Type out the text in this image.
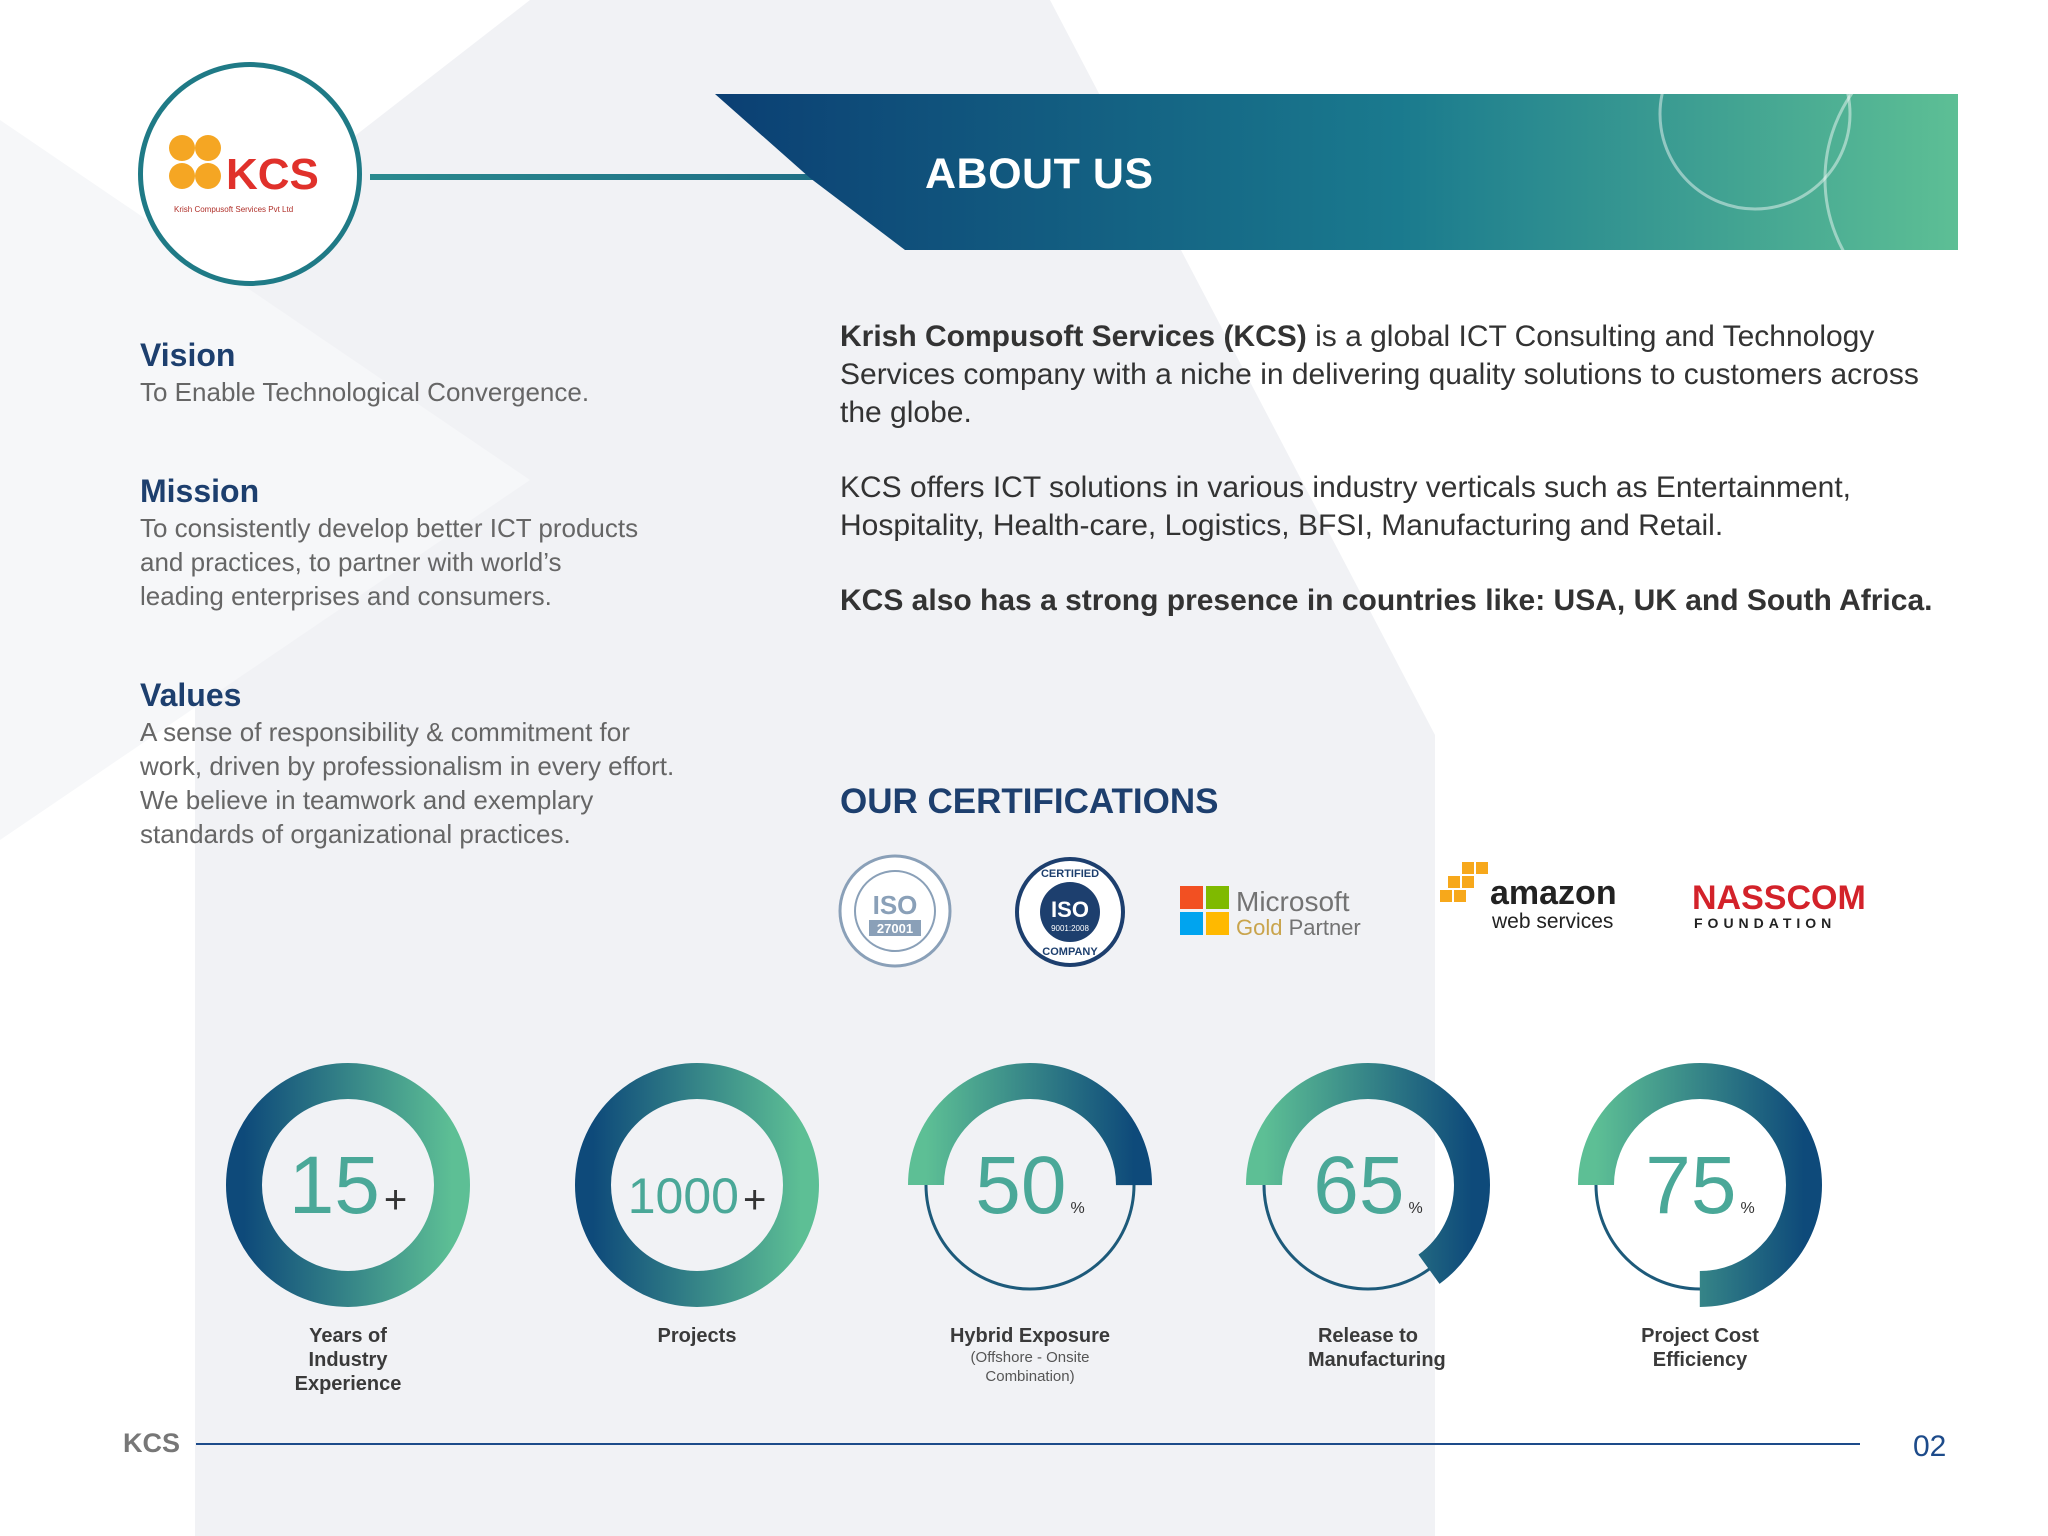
KCS
Krish Compusoft Services Pvt Ltd
ABOUT US
Vision

To Enable Technological Convergence.

Mission

To consistently develop better ICT products and practices, to partner with world’s leading enterprises and consumers.

Values

A sense of responsibility & commitment for work, driven by professionalism in every effort. We believe in teamwork and exemplary standards of organizational practices.

Krish Compusoft Services (KCS) is a global ICT Consulting and Technology Services company with a niche in delivering quality solutions to customers across the globe.

KCS offers ICT solutions in various industry verticals such as Entertainment, Hospitality, Health-care, Logistics, BFSI, Manufacturing and Retail.

KCS also has a strong presence in countries like: USA, UK and South Africa.

OUR CERTIFICATIONS
ISO
27001
CERTIFIED
ISO
9001:2008
COMPANY
Microsoft
Gold Partner
amazon
web services
NASSCOM
FOUNDATION
15 +
Years of Industry Experience
1000 +
Projects
50 %
Hybrid Exposure
(Offshore - Onsite Combination)
65 %
Release to Manufacturing
75 %
Project Cost Efficiency
KCS	02
